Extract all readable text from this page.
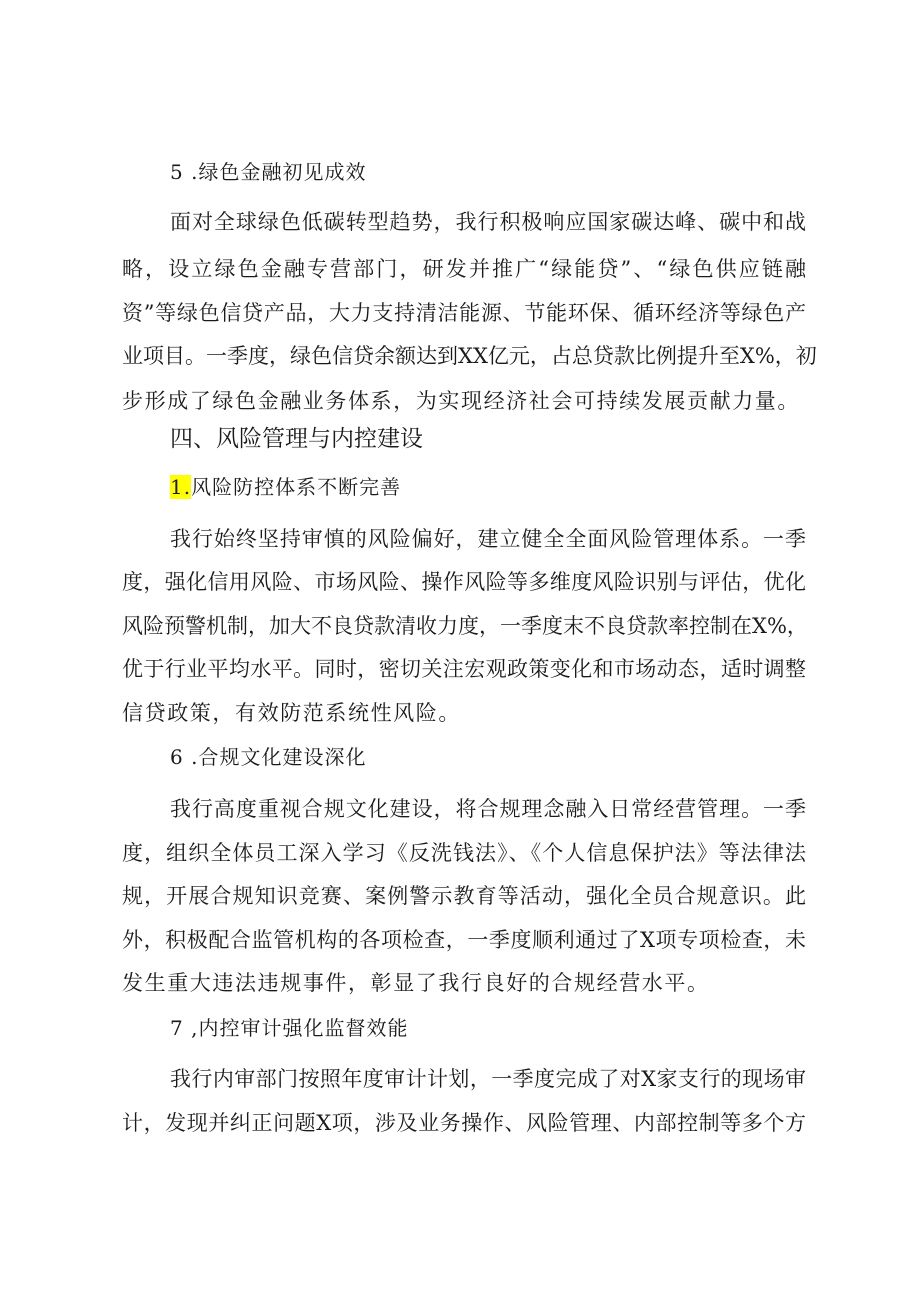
5 .绿色金融初见成效
面对全球绿色低碳转型趋势，我行积极响应国家碳达峰、碳中和战
略，设立绿色金融专营部门，研发并推广“绿能贷”、“绿色供应链融
资”等绿色信贷产品，大力支持清洁能源、节能环保、循环经济等绿色产
业项目。一季度，绿色信贷余额达到XX亿元，占总贷款比例提升至X%，初
步形成了绿色金融业务体系，为实现经济社会可持续发展贡献力量。
四、风险管理与内控建设
1.风险防控体系不断完善
我行始终坚持审慎的风险偏好，建立健全全面风险管理体系。一季
度，强化信用风险、市场风险、操作风险等多维度风险识别与评估，优化
风险预警机制，加大不良贷款清收力度，一季度末不良贷款率控制在X%，
优于行业平均水平。同时，密切关注宏观政策变化和市场动态，适时调整
信贷政策，有效防范系统性风险。
6 .合规文化建设深化
我行高度重视合规文化建设，将合规理念融入日常经营管理。一季
度，组织全体员工深入学习《反洗钱法》、《个人信息保护法》等法律法
规，开展合规知识竞赛、案例警示教育等活动，强化全员合规意识。此
外，积极配合监管机构的各项检查，一季度顺利通过了X项专项检查，未
发生重大违法违规事件，彰显了我行良好的合规经营水平。
7 ,内控审计强化监督效能
我行内审部门按照年度审计计划，一季度完成了对X家支行的现场审
计，发现并纠正问题X项，涉及业务操作、风险管理、内部控制等多个方
